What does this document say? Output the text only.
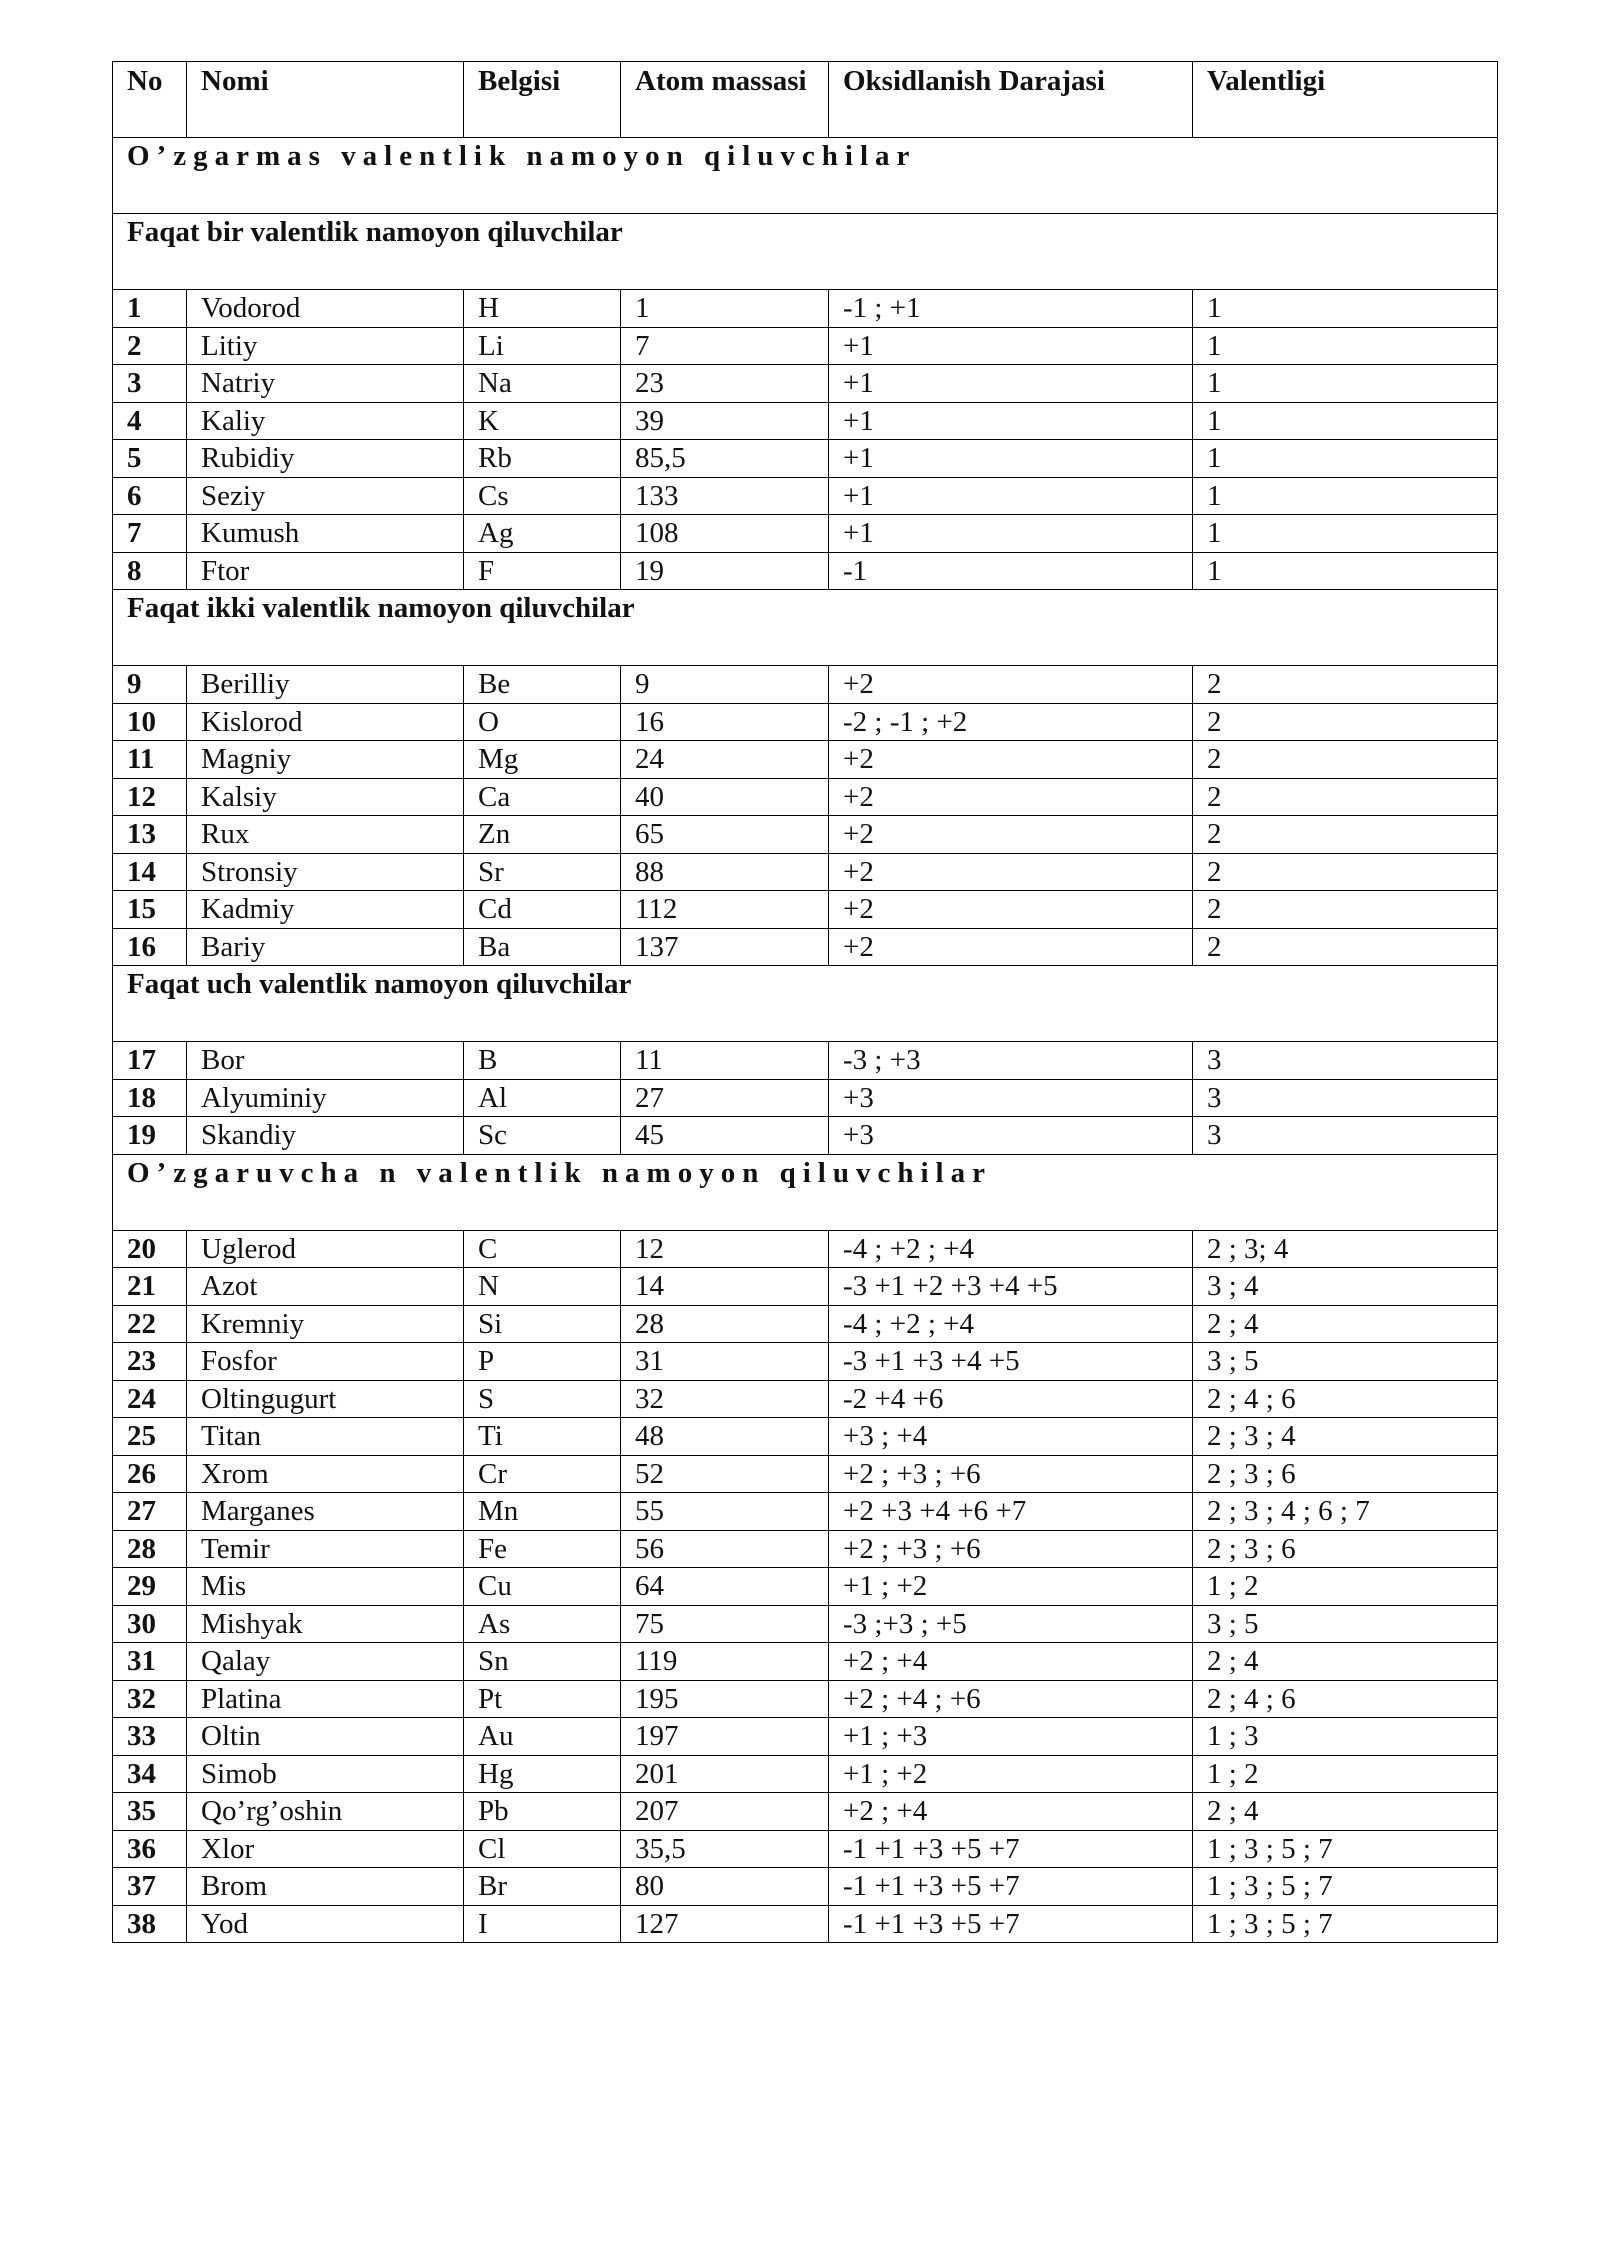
No	Nomi	Belgisi	Atom massasi	Oksidlanish Darajasi	Valentligi
O’zgarmas valentlik namoyon qiluvchilar					
Faqat bir valentlik namoyon qiluvchilar					
1	Vodorod	H	1	-1 ; +1	1
2	Litiy	Li	7	+1	1
3	Natriy	Na	23	+1	1
4	Kaliy	K	39	+1	1
5	Rubidiy	Rb	85,5	+1	1
6	Seziy	Cs	133	+1	1
7	Kumush	Ag	108	+1	1
8	Ftor	F	19	-1	1
Faqat ikki valentlik namoyon qiluvchilar					
9	Berilliy	Be	9	+2	2
10	Kislorod	O	16	-2 ; -1 ; +2	2
11	Magniy	Mg	24	+2	2
12	Kalsiy	Ca	40	+2	2
13	Rux	Zn	65	+2	2
14	Stronsiy	Sr	88	+2	2
15	Kadmiy	Cd	112	+2	2
16	Bariy	Ba	137	+2	2
Faqat uch valentlik namoyon qiluvchilar					
17	Bor	B	11	-3 ; +3	3
18	Alyuminiy	Al	27	+3	3
19	Skandiy	Sc	45	+3	3
O’zgaruvcha n valentlik namoyon qiluvchilar					
20	Uglerod	C	12	-4 ; +2 ; +4	2 ; 3; 4
21	Azot	N	14	-3 +1 +2 +3 +4 +5	3 ; 4
22	Kremniy	Si	28	-4 ; +2 ; +4	2 ; 4
23	Fosfor	P	31	-3 +1 +3 +4 +5	3 ; 5
24	Oltingugurt	S	32	-2 +4 +6	2 ; 4 ; 6
25	Titan	Ti	48	+3 ; +4	2 ; 3 ; 4
26	Xrom	Cr	52	+2 ; +3 ; +6	2 ; 3 ; 6
27	Marganes	Mn	55	+2 +3 +4 +6 +7	2 ; 3 ; 4 ; 6 ; 7
28	Temir	Fe	56	+2 ; +3 ; +6	2 ; 3 ; 6
29	Mis	Cu	64	+1 ; +2	1 ; 2
30	Mishyak	As	75	-3 ;+3 ; +5	3 ; 5
31	Qalay	Sn	119	+2 ; +4	2 ; 4
32	Platina	Pt	195	+2 ; +4 ; +6	2 ; 4 ; 6
33	Oltin	Au	197	+1 ; +3	1 ; 3
34	Simob	Hg	201	+1 ; +2	1 ; 2
35	Qo’rg’oshin	Pb	207	+2 ; +4	2 ; 4
36	Xlor	Cl	35,5	-1 +1 +3 +5 +7	1 ; 3 ; 5 ; 7
37	Brom	Br	80	-1 +1 +3 +5 +7	1 ; 3 ; 5 ; 7
38	Yod	I	127	-1 +1 +3 +5 +7	1 ; 3 ; 5 ; 7
